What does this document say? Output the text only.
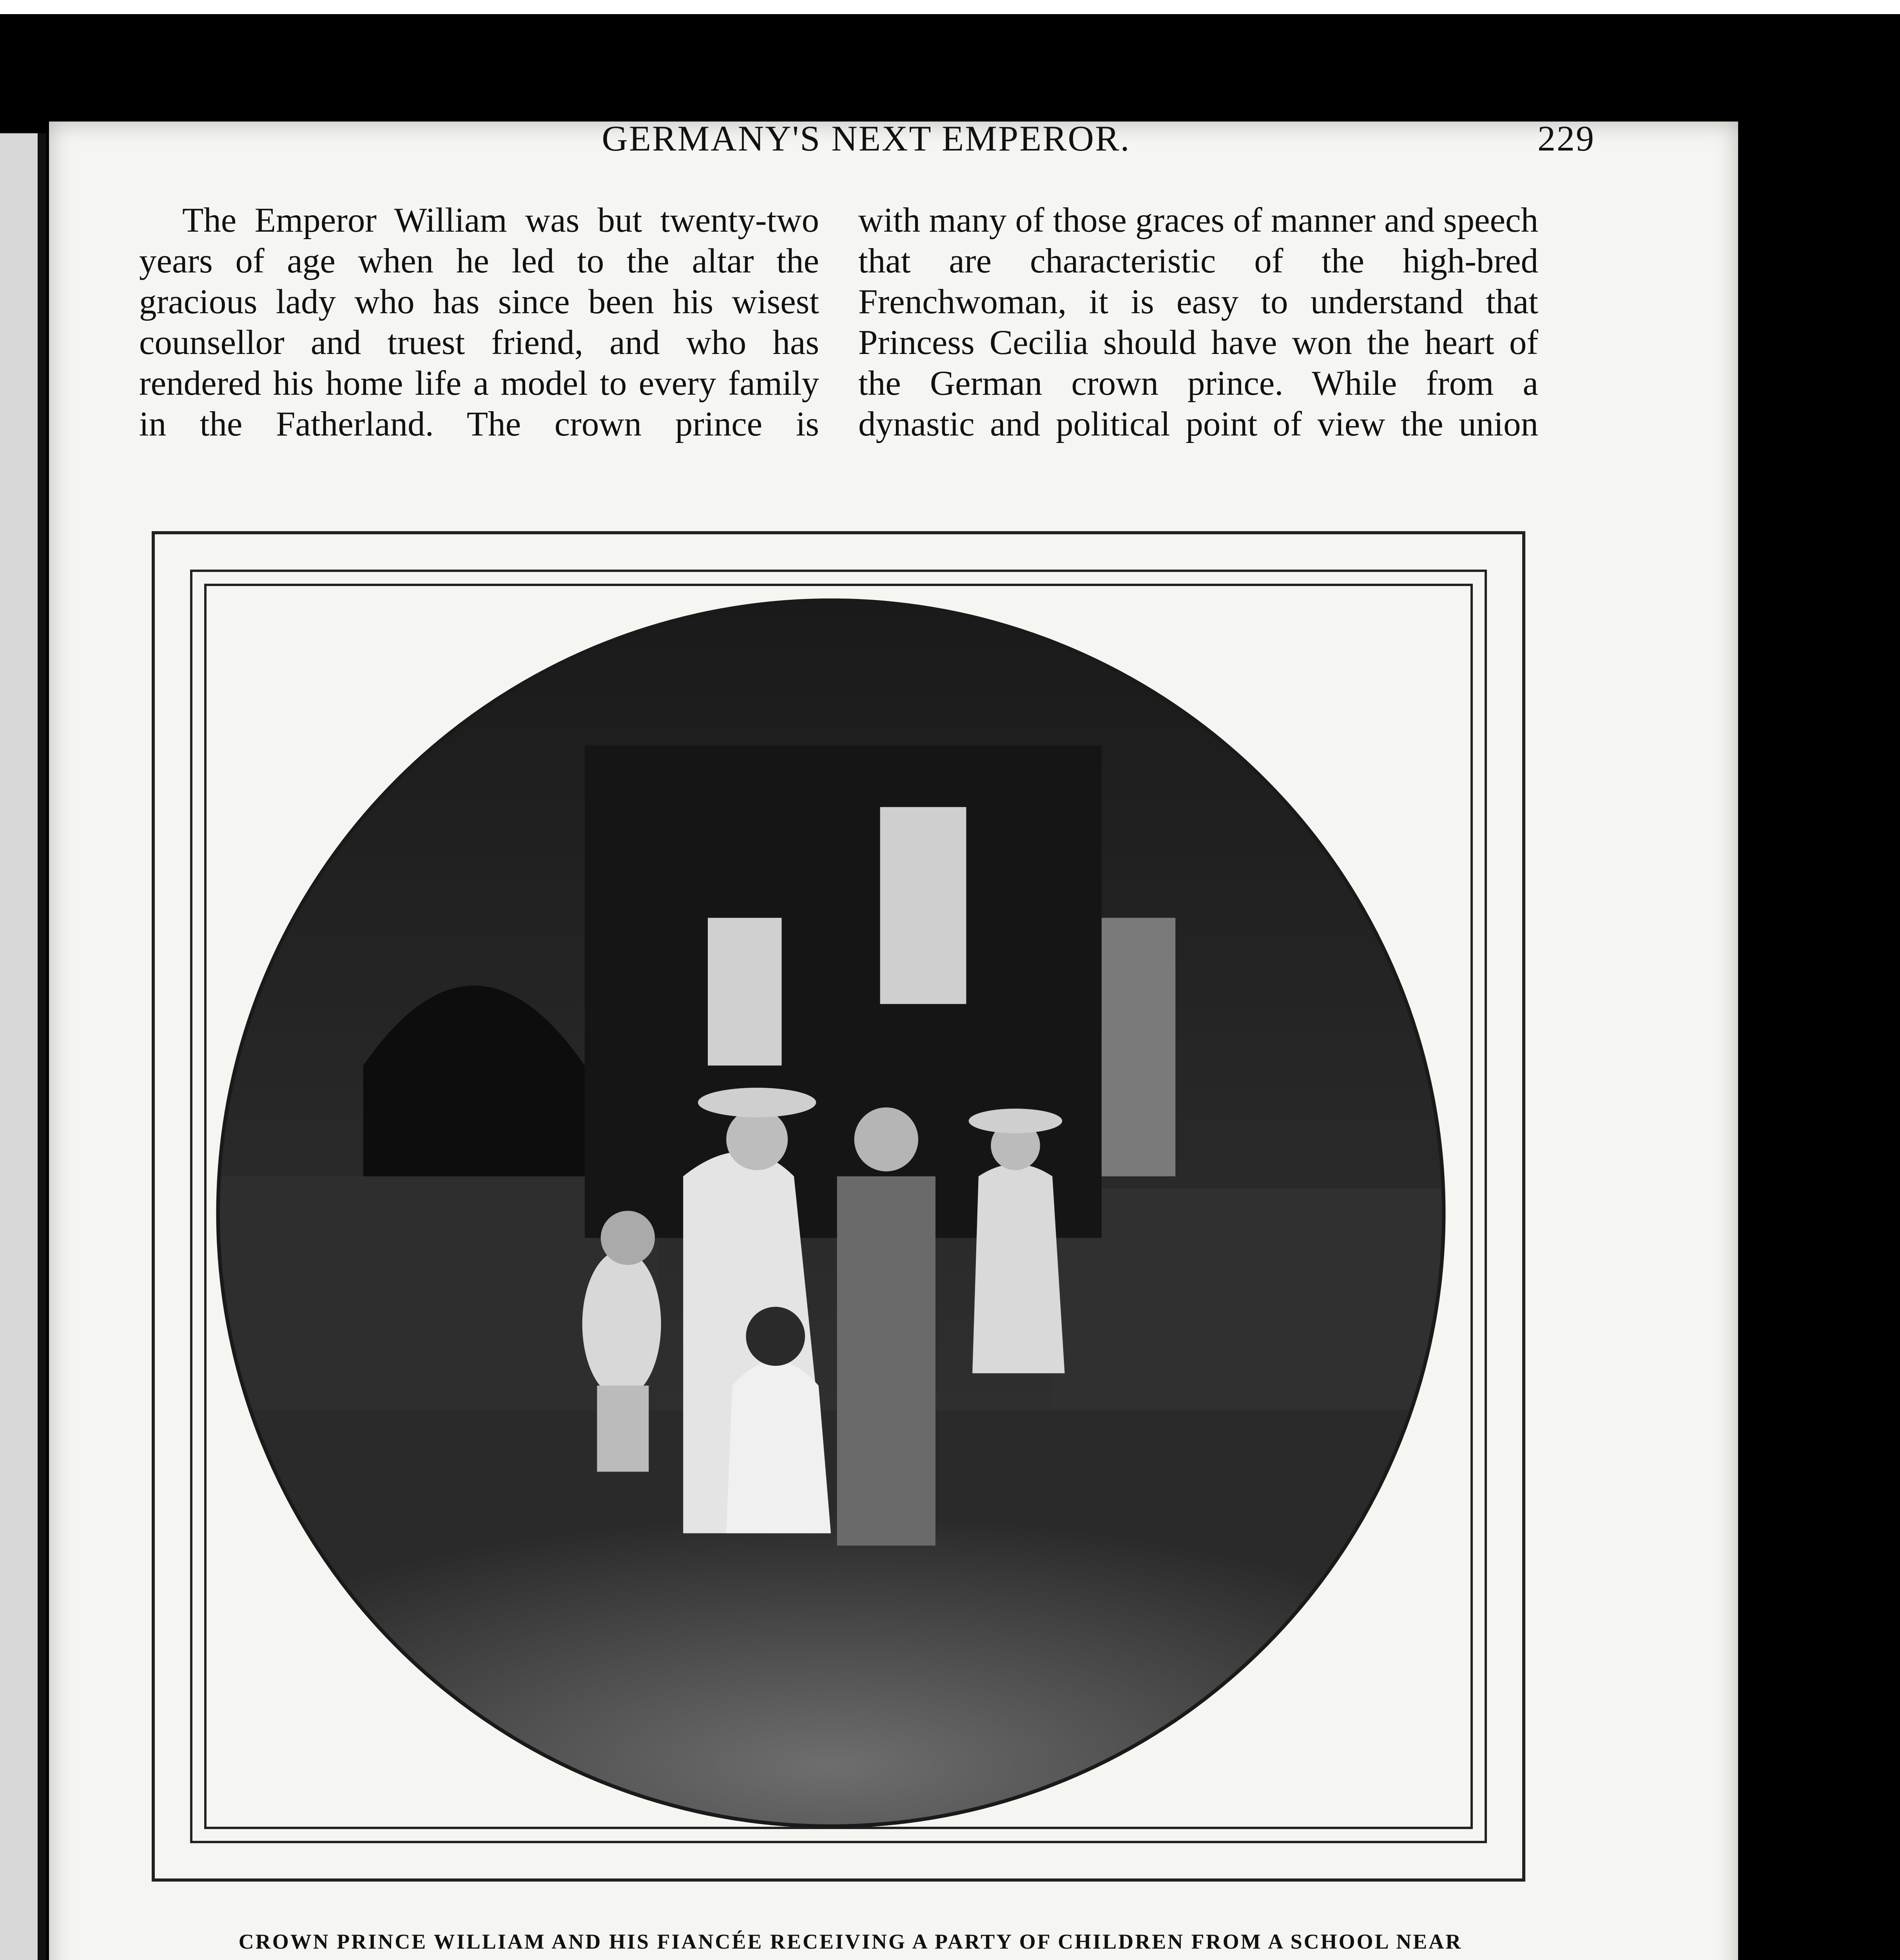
GERMANY'S NEXT EMPEROR.	229

The Emperor William was but twenty-two years of age when he led to the altar the gracious lady who has since been his wisest counsellor and truest friend, and who has rendered his home life a model to every family in the Fatherland. The crown prince is

with many of those graces of manner and speech that are characteristic of the high-bred Frenchwoman, it is easy to understand that Princess Cecilia should have won the heart of the German crown prince. While from a dynastic and political point of view the union

CROWN PRINCE WILLIAM AND HIS FIANCÉE RECEIVING A PARTY OF CHILDREN FROM A SCHOOL NEAR
